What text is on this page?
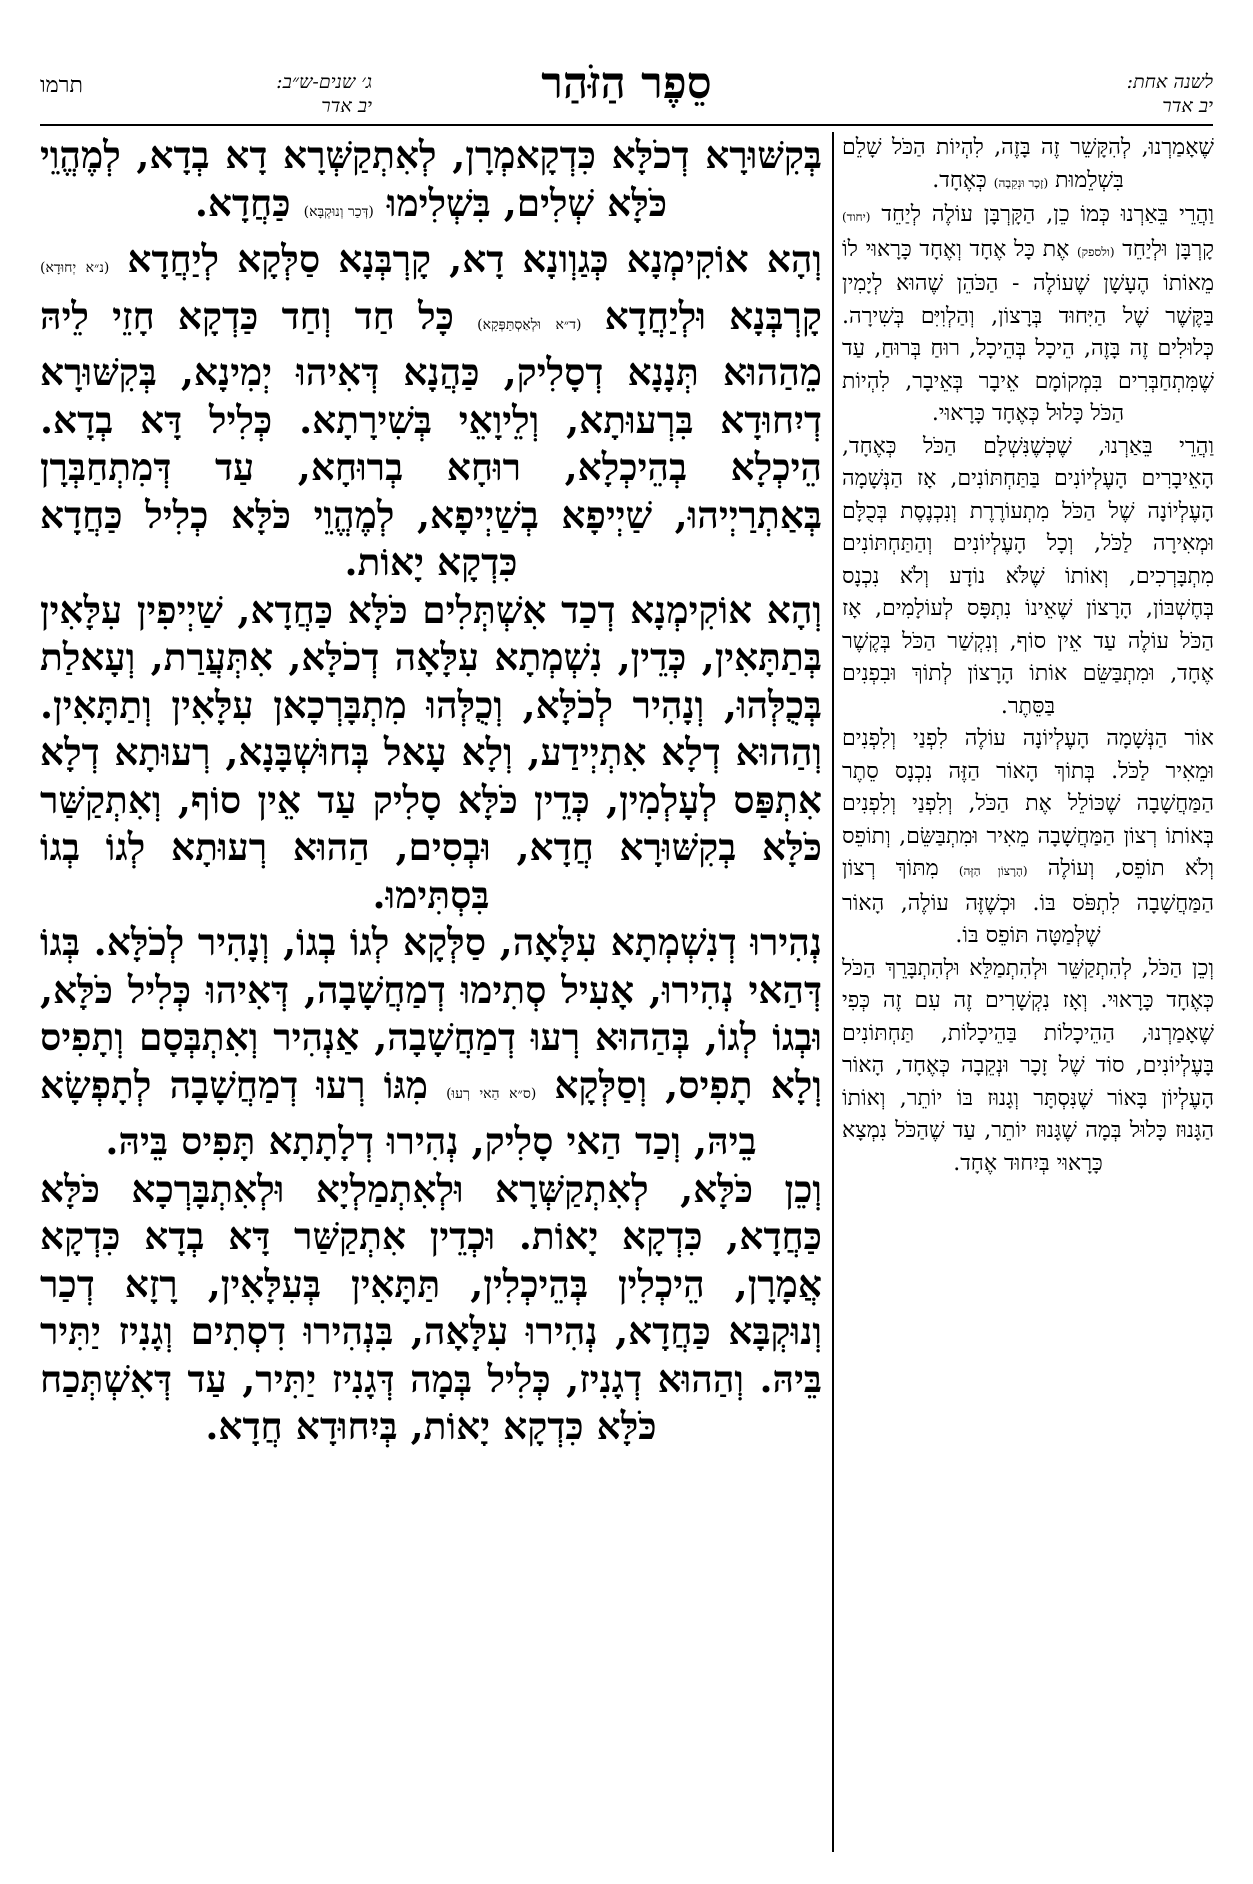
תרמו	ג׳ שנים-ש״ב:
יב אדר	סֵפֶר הַזֹּהַר	לשנה אחת:
יב אדר

בְּקִשּׁוּרָא דְכֹלָּא כִּדְקָאמְרָן, לְאִתְקַשְּׁרָא דָא בְדָא, לְמֶהֱוֵי כֹּלָּא שְׁלִים, בִּשְׁלִימוּ (דְּכַר וְנוּקְבָּא) כַּחֲדָא.

וְהָא אוֹקִימְנָא כְּגַוְונָא דָא, קָרְבְּנָא סַלְּקָא לְיַחֲדָא (נ״א יְחוּדָא) קָרְבְּנָא וּלְיַחֲדָא (ד״א וּלְאַסְתַּפְּקָא) כָּל חַד וְחַד כַּדְקָא חָזֵי לֵיהּ מֵהַהוּא תְּנָנָא דְסָלִיק, כַּהֲנָא דְּאִיהוּ יְמִינָא, בְּקִשּׁוּרָא דְיִחוּדָא בִּרְעוּתָא, וְלֵיוָאֵי בְּשִׁירָתָא. כְּלִיל דָּא בְדָא. הֵיכְלָא בְהֵיכְלָא, רוּחָא בְרוּחָא, עַד דְּמִתְחַבְּרָן בְּאַתְרַיְיהוּ, שַׁיְיפָא בְשַׁיְיפָא, לְמֶהֱוֵי כֹּלָּא כְלִיל כַּחֲדָא כִּדְקָא יָאוֹת.

וְהָא אוֹקִימְנָא דְכַד אִשְׁתְּלִים כֹּלָּא כַּחֲדָא, שַׁיְיפִין עִלָּאִין בְּתַתָּאִין, כְּדֵין, נִשְׁמְתָא עִלָּאָה דְכֹלָּא, אִתְּעֲרַת, וְעָאלַת בְּכֻלְּהוּ, וְנָהִיר לְכֹלָּא, וְכֻלְּהוּ מִתְבָּרְכָאן עִלָּאִין וְתַתָּאִין. וְהַהוּא דְלָא אִתְיְידַע, וְלָא עָאל בְּחוּשְׁבָּנָא, רְעוּתָא דְלָא אִתְפַּס לְעָלְמִין, כְּדֵין כֹּלָּא סָלִיק עַד אֵין סוֹף, וְאִתְקַשַּׁר כֹּלָּא בְקִשּׁוּרָא חֲדָא, וּבְסִים, הַהוּא רְעוּתָא לְגוֹ בְגוֹ בִּסְתִּימוּ.

נְהִירוּ דְנִשְׁמְתָא עִלָּאָה, סַלְּקָא לְגוֹ בְגוֹ, וְנָהִיר לְכֹלָּא. בְּגוֹ דְּהַאי נְהִירוּ, אָעִיל סְתִימוּ דְמַחֲשָׁבָה, דְּאִיהוּ כְּלִיל כֹּלָּא, וּבְגוֹ לְגוֹ, בְּהַהוּא רְעוּ דְמַחֲשָׁבָה, אַנְהִיר וְאִתְבְּסָם וְתָפִיס וְלָא תָפִיס, וְסַלְּקָא (ס״א הַאי רְעוּ) מִגּוֹ רְעוּ דְמַחֲשָׁבָה לְתָפְשָׂא בֵיהּ, וְכַד הַאי סָלִיק, נְהִירוּ דְלָתָתָא תָּפִיס בֵּיהּ.

וְכֵן כֹּלָּא, לְאִתְקַשְּׁרָא וּלְאִתְמַלְיָא וּלְאִתְבָּרְכָא כֹּלָּא כַּחֲדָא, כִּדְקָא יָאוֹת. וּכְדֵין אִתְקַשַּׁר דָּא בְדָא כִּדְקָא אֲמָרָן, הֵיכְלִין בְּהֵיכְלִין, תַּתָּאִין בְּעִלָּאִין, רָזָא דְכַר וְנוּקְבָּא כַּחֲדָא, נְהִירוּ עִלָּאָה, בִּנְהִירוּ דִסְתִים וְגָנִיז יַתִּיר בֵּיהּ. וְהַהוּא דְגָנִיז, כְּלִיל בְּמָה דְּגָנִיז יַתִּיר, עַד דְּאִשְׁתְּכַח כֹּלָּא כִּדְקָא יָאוֹת, בְּיִחוּדָא חֲדָא.

שֶׁאָמַרְנוּ, לְהִקָּשֵׁר זֶה בָּזֶה, לִהְיוֹת הַכֹּל שָׁלֵם בִּשְׁלֵמוּת (זָכָר וּנְקֵבָה) כְּאֶחָד.

וַהֲרֵי בֵּאַרְנוּ כְּמוֹ כֵן, הַקָּרְבָּן עוֹלֶה לְיַחֵד (יחוד) קָרְבָּן וּלְיַחֵד (ולספק) אֶת כָּל אֶחָד וְאֶחָד כָּרָאוּי לוֹ מֵאוֹתוֹ הֶעָשָׁן שֶׁעוֹלֶה - הַכֹּהֵן שֶׁהוּא לְיָמִין בַּקֶּשֶׁר שֶׁל הַיִּחוּד בְּרָצוֹן, וְהַלְוִיִּם בְּשִׁירָה. כְּלוּלִים זֶה בָּזֶה, הֵיכָל בְּהֵיכָל, רוּחַ בְּרוּחַ, עַד שֶׁמִּתְחַבְּרִים בִּמְקוֹמָם אֵיבָר בְּאֵיבָר, לִהְיוֹת הַכֹּל כָּלוּל כְּאֶחָד כָּרָאוּי.

וַהֲרֵי בֵּאַרְנוּ, שֶׁכְּשֶׁנִּשְׁלָם הַכֹּל כְּאֶחָד, הָאֵיבָרִים הָעֶלְיוֹנִים בַּתַּחְתּוֹנִים, אָז הַנְּשָׁמָה הָעֶלְיוֹנָה שֶׁל הַכֹּל מִתְעוֹרֶרֶת וְנִכְנֶסֶת בְּכֻלָּם וּמְאִירָה לַכֹּל, וְכָל הָעֶלְיוֹנִים וְהַתַּחְתּוֹנִים מִתְבָּרְכִים, וְאוֹתוֹ שֶׁלֹּא נוֹדָע וְלֹא נִכְנָס בְּחֶשְׁבּוֹן, הָרָצוֹן שֶׁאֵינוֹ נִתְפָּס לְעוֹלָמִים, אָז הַכֹּל עוֹלֶה עַד אֵין סוֹף, וְנִקְשַׁר הַכֹּל בְּקֶשֶׁר אֶחָד, וּמִתְבַּשֵּׂם אוֹתוֹ הָרָצוֹן לְתוֹךְ וּבִפְנִים בַּסֵּתֶר.

אוֹר הַנְּשָׁמָה הָעֶלְיוֹנָה עוֹלֶה לִפְנַי וְלִפְנִים וּמֵאִיר לַכֹּל. בְּתוֹךְ הָאוֹר הַזֶּה נִכְנָס סֵתֶר הַמַּחֲשָׁבָה שֶׁכּוֹלֵל אֶת הַכֹּל, וְלִפְנַי וְלִפְנִים בְּאוֹתוֹ רְצוֹן הַמַּחֲשָׁבָה מֵאִיר וּמִתְבַּשֵּׂם, וְתוֹפֵס וְלֹא תוֹפֵס, וְעוֹלֶה (הָרָצוֹן הַזֶּה) מִתּוֹךְ רְצוֹן הַמַּחֲשָׁבָה לִתְפֹּס בּוֹ. וּכְשֶׁזֶּה עוֹלֶה, הָאוֹר שֶׁלְּמַטָּה תּוֹפֵס בּוֹ.

וְכֵן הַכֹּל, לְהִתְקַשֵּׁר וּלְהִתְמַלֵּא וּלְהִתְבָּרֵךְ הַכֹּל כְּאֶחָד כָּרָאוּי. וְאָז נִקְשָׁרִים זֶה עִם זֶה כְּפִי שֶׁאָמַרְנוּ, הַהֵיכָלוֹת בַּהֵיכָלוֹת, תַּחְתּוֹנִים בָּעֶלְיוֹנִים, סוֹד שֶׁל זָכָר וּנְקֵבָה כְּאֶחָד, הָאוֹר הָעֶלְיוֹן בָּאוֹר שֶׁנִּסְתָּר וְגָנוּז בּוֹ יוֹתֵר, וְאוֹתוֹ הַגָּנוּז כָּלוּל בְּמָה שֶׁגָּנוּז יוֹתֵר, עַד שֶׁהַכֹּל נִמְצָא כָּרָאוּי בְּיִחוּד אֶחָד.
